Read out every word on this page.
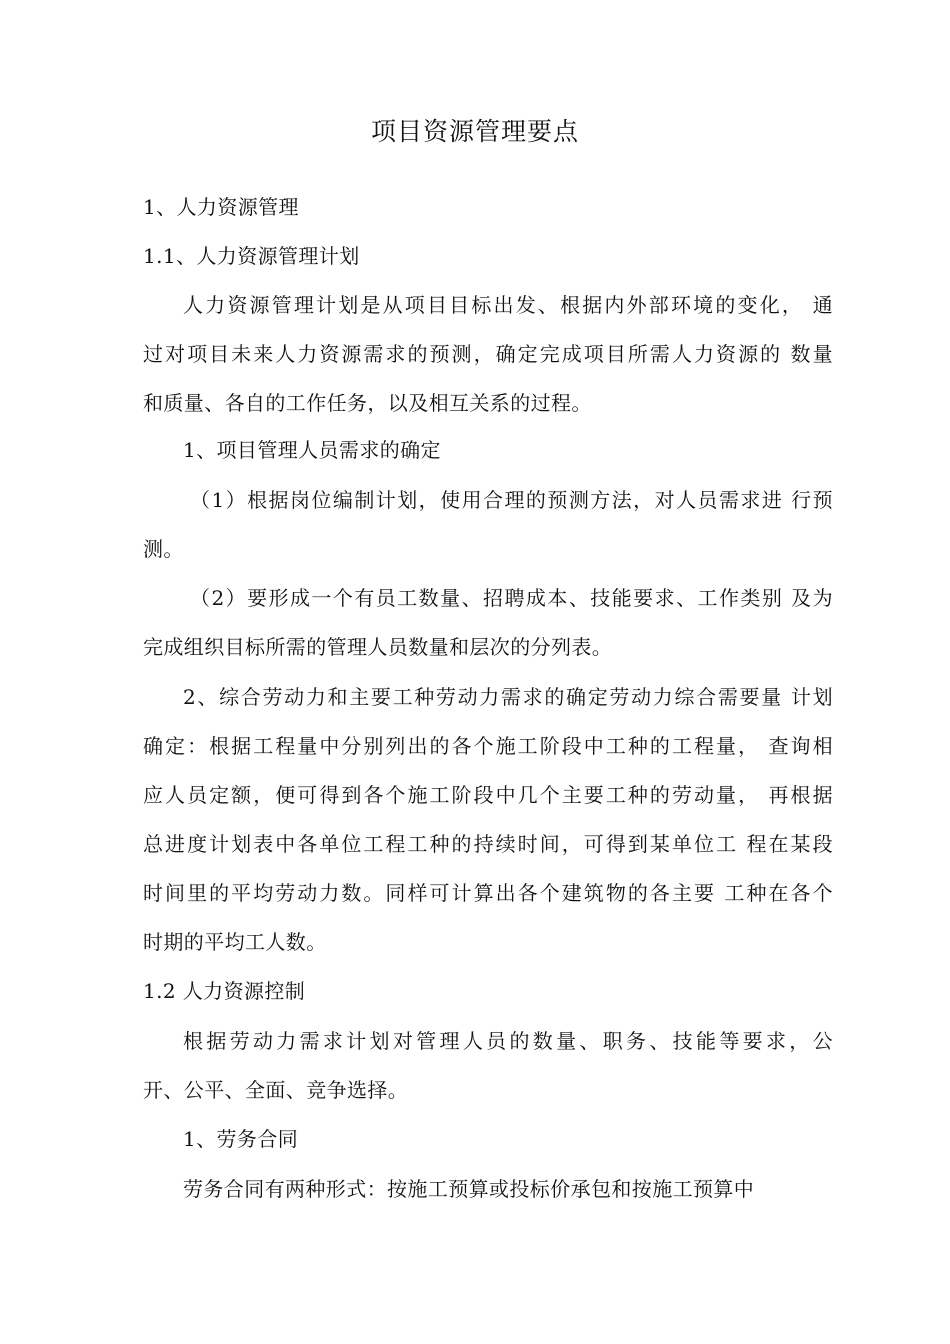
项目资源管理要点
1、人力资源管理
1.1、人力资源管理计划
人力资源管理计划是从项目目标出发、根据内外部环境的变化， 通
过对项目未来人力资源需求的预测，确定完成项目所需人力资源的 数量
和质量、各自的工作任务，以及相互关系的过程。
1、项目管理人员需求的确定
（1）根据岗位编制计划，使用合理的预测方法，对人员需求进 行预
测。
（2）要形成一个有员工数量、招聘成本、技能要求、工作类别 及为
完成组织目标所需的管理人员数量和层次的分列表。
2、综合劳动力和主要工种劳动力需求的确定劳动力综合需要量 计划
确定：根据工程量中分别列出的各个施工阶段中工种的工程量， 查询相
应人员定额，便可得到各个施工阶段中几个主要工种的劳动量， 再根据
总进度计划表中各单位工程工种的持续时间，可得到某单位工 程在某段
时间里的平均劳动力数。同样可计算出各个建筑物的各主要 工种在各个
时期的平均工人数。
1.2 人力资源控制
根据劳动力需求计划对管理人员的数量、职务、技能等要求，公
开、公平、全面、竞争选择。
1、劳务合同
劳务合同有两种形式：按施工预算或投标价承包和按施工预算中
